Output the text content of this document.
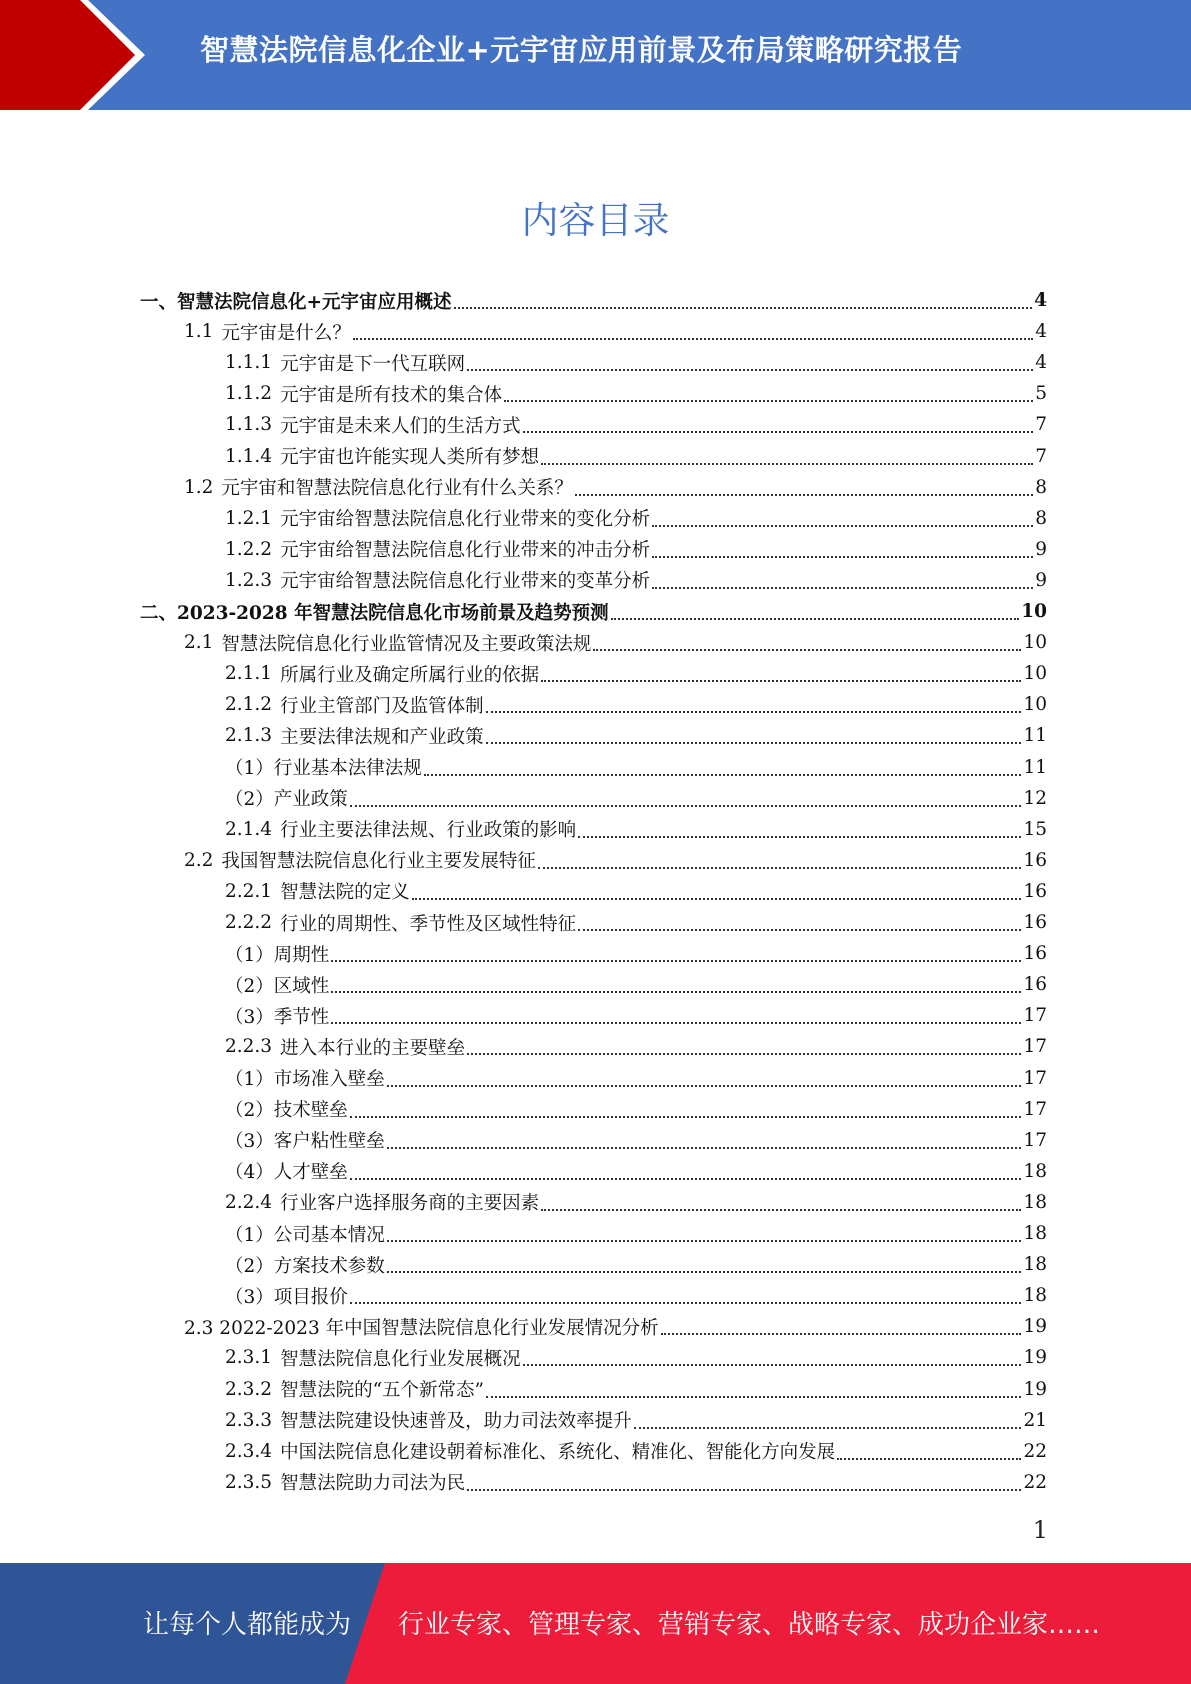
智慧法院信息化企业+元宇宙应用前景及布局策略研究报告
内容目录
一、智慧法院信息化+元宇宙应用概述	4
1.1 元宇宙是什么？	4
1.1.1 元宇宙是下一代互联网	4
1.1.2 元宇宙是所有技术的集合体	5
1.1.3 元宇宙是未来人们的生活方式	7
1.1.4 元宇宙也许能实现人类所有梦想	7
1.2 元宇宙和智慧法院信息化行业有什么关系？	8
1.2.1 元宇宙给智慧法院信息化行业带来的变化分析	8
1.2.2 元宇宙给智慧法院信息化行业带来的冲击分析	9
1.2.3 元宇宙给智慧法院信息化行业带来的变革分析	9
二、2023-2028 年智慧法院信息化市场前景及趋势预测	10
2.1 智慧法院信息化行业监管情况及主要政策法规	10
2.1.1 所属行业及确定所属行业的依据	10
2.1.2 行业主管部门及监管体制	10
2.1.3 主要法律法规和产业政策	11
（1）行业基本法律法规	11
（2）产业政策	12
2.1.4 行业主要法律法规、行业政策的影响	15
2.2 我国智慧法院信息化行业主要发展特征	16
2.2.1 智慧法院的定义	16
2.2.2 行业的周期性、季节性及区域性特征	16
（1）周期性	16
（2）区域性	16
（3）季节性	17
2.2.3 进入本行业的主要壁垒	17
（1）市场准入壁垒	17
（2）技术壁垒	17
（3）客户粘性壁垒	17
（4）人才壁垒	18
2.2.4 行业客户选择服务商的主要因素	18
（1）公司基本情况	18
（2）方案技术参数	18
（3）项目报价	18
2.3 2022-2023 年中国智慧法院信息化行业发展情况分析	19
2.3.1 智慧法院信息化行业发展概况	19
2.3.2 智慧法院的“五个新常态”	19
2.3.3 智慧法院建设快速普及，助力司法效率提升	21
2.3.4 中国法院信息化建设朝着标准化、系统化、精准化、智能化方向发展	22
2.3.5 智慧法院助力司法为民	22
1
让每个人都能成为 行业专家、管理专家、营销专家、战略专家、成功企业家……
